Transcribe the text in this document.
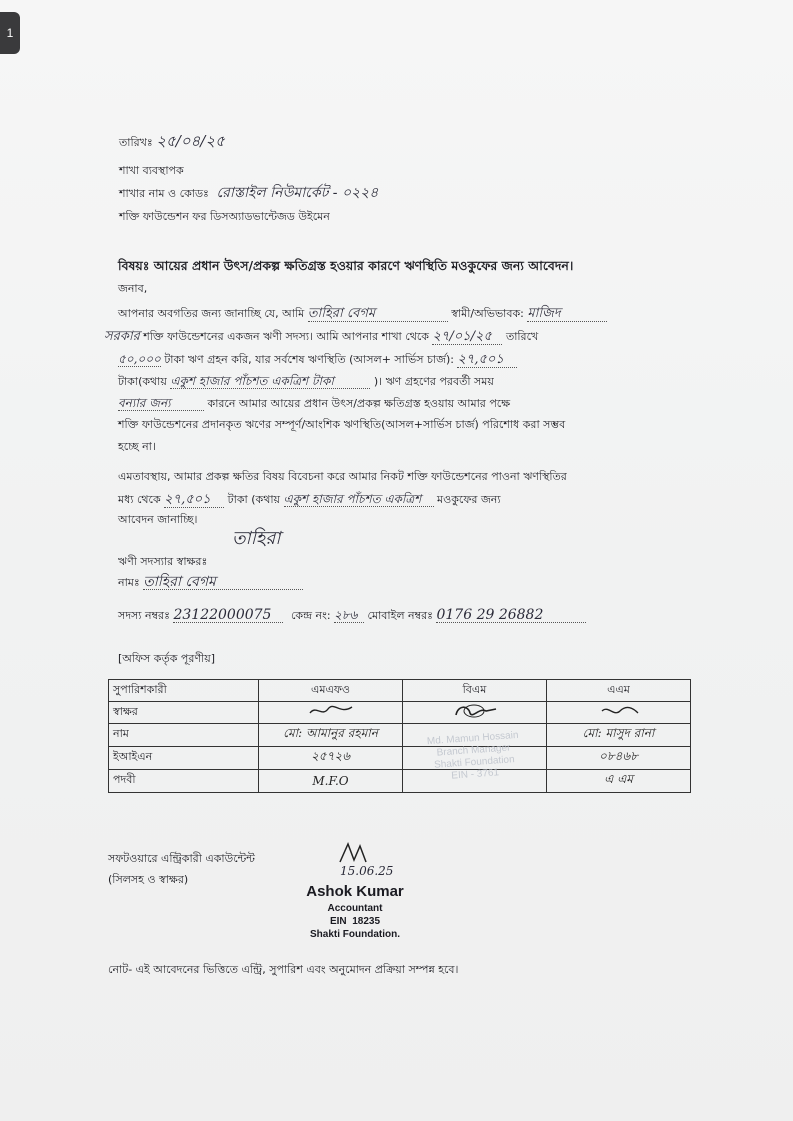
1
তারিখঃ ২৫/০৪/২৫
শাখা ব্যবস্থাপক
শাখার নাম ও কোডঃ রোস্তাইল নিউমার্কেট - ০২২৪
শক্তি ফাউন্ডেশন ফর ডিসঅ্যাডভান্টেজড উইমেন
বিষয়ঃ আয়ের প্রধান উৎস/প্রকল্প ক্ষতিগ্রস্ত হওয়ার কারণে ঋণস্থিতি মওকুফের জন্য আবেদন।
জনাব,
আপনার অবগতির জন্য জানাচ্ছি যে, আমি তাহিরা বেগম	স্বামী/অভিভাবক: মাজিদ
সরকার শক্তি ফাউন্ডেশনের একজন ঋণী সদস্য। আমি আপনার শাখা থেকে ২৭/০১/২৫ তারিখে
৫০,০০০ টাকা ঋণ গ্রহন করি, যার সর্বশেষ ঋণস্থিতি (আসল+ সার্ভিস চার্জ): ২৭,৫০১
টাকা(কথায় একুশ হাজার পাঁচশত একত্রিশ টাকা	)। ঋণ গ্রহণের পরবর্তী সময়
বন্যার জন্য	কারনে আমার আয়ের প্রধান উৎস/প্রকল্প ক্ষতিগ্রস্ত হওয়ায় আমার পক্ষে
শক্তি ফাউন্ডেশনের প্রদানকৃত ঋণের সম্পূর্ণ/আংশিক ঋণস্থিতি(আসল+সার্ভিস চার্জ) পরিশোধ করা সম্ভব
হচ্ছে না।
এমতাবস্থায়, আমার প্রকল্প ক্ষতির বিষয় বিবেচনা করে আমার নিকট শক্তি ফাউন্ডেশনের পাওনা ঋণস্থিতির
মধ্য থেকে ২৭,৫০১ টাকা (কথায় একুশ হাজার পাঁচশত একত্রিশ মওকুফের জন্য
আবেদন জানাচ্ছি।
তাহিরা
ঋণী সদস্যার স্বাক্ষরঃ
নামঃ তাহিরা বেগম
সদস্য নম্বরঃ 23122000075 কেন্দ্র নং: ২৮৬ মোবাইল নম্বরঃ 0176 29 26882
[অফিস কর্তৃক পূরণীয়]
সুপারিশকারী	এমএফও	বিএম	এএম
স্বাক্ষর			
নাম	মো: আমানুর রহমান		মো: মাসুদ রানা
ইআইএন	২৫৭২৬		০৮৪৬৮
পদবী	M.F.O		এ এম
Md. Mamun Hossain
Branch Manager
Shakti Foundation
EIN - 3761
সফটওয়ারে এন্ট্রিকারী একাউন্টেন্ট
(সিলসহ ও স্বাক্ষর)
15.06.25
Ashok Kumar
Accountant
EIN  18235
Shakti Foundation.
নোট- এই আবেদনের ভিত্তিতে এন্ট্রি, সুপারিশ এবং অনুমোদন প্রক্রিয়া সম্পন্ন হবে।
